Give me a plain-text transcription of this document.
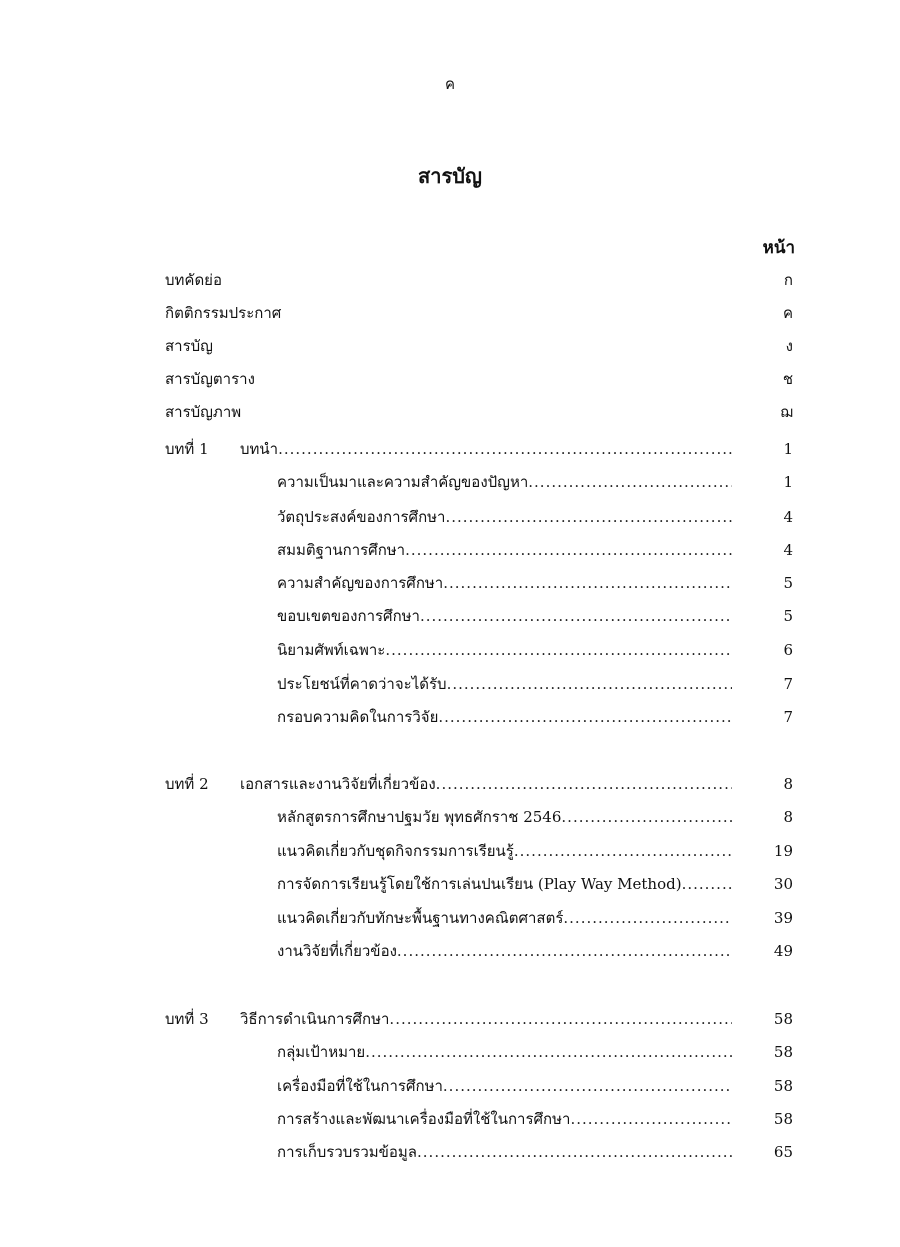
ค
สารบัญ
หน้า
บทคัดย่อ	ก
กิตติกรรมประกาศ	ค
สารบัญ	ง
สารบัญตาราง	ช
สารบัญภาพ	ฌ
บทที่ 1 บทนำ .....	1
ความเป็นมาและความสำคัญของปัญหา .....	1
วัตถุประสงค์ของการศึกษา .....	4
สมมติฐานการศึกษา .....	4
ความสำคัญของการศึกษา .....	5
ขอบเขตของการศึกษา .....	5
นิยามศัพท์เฉพาะ .....	6
ประโยชน์ที่คาดว่าจะได้รับ .....	7
กรอบความคิดในการวิจัย .....	7
บทที่ 2 เอกสารและงานวิจัยที่เกี่ยวข้อง .....	8
หลักสูตรการศึกษาปฐมวัย พุทธศักราช 2546 .....	8
แนวคิดเกี่ยวกับชุดกิจกรรมการเรียนรู้ .....	19
การจัดการเรียนรู้โดยใช้การเล่นปนเรียน (Play Way Method) .....	30
แนวคิดเกี่ยวกับทักษะพื้นฐานทางคณิตศาสตร์ .....	39
งานวิจัยที่เกี่ยวข้อง .....	49
บทที่ 3 วิธีการดำเนินการศึกษา .....	58
กลุ่มเป้าหมาย .....	58
เครื่องมือที่ใช้ในการศึกษา .....	58
การสร้างและพัฒนาเครื่องมือที่ใช้ในการศึกษา .....	58
การเก็บรวบรวมข้อมูล .....	65
